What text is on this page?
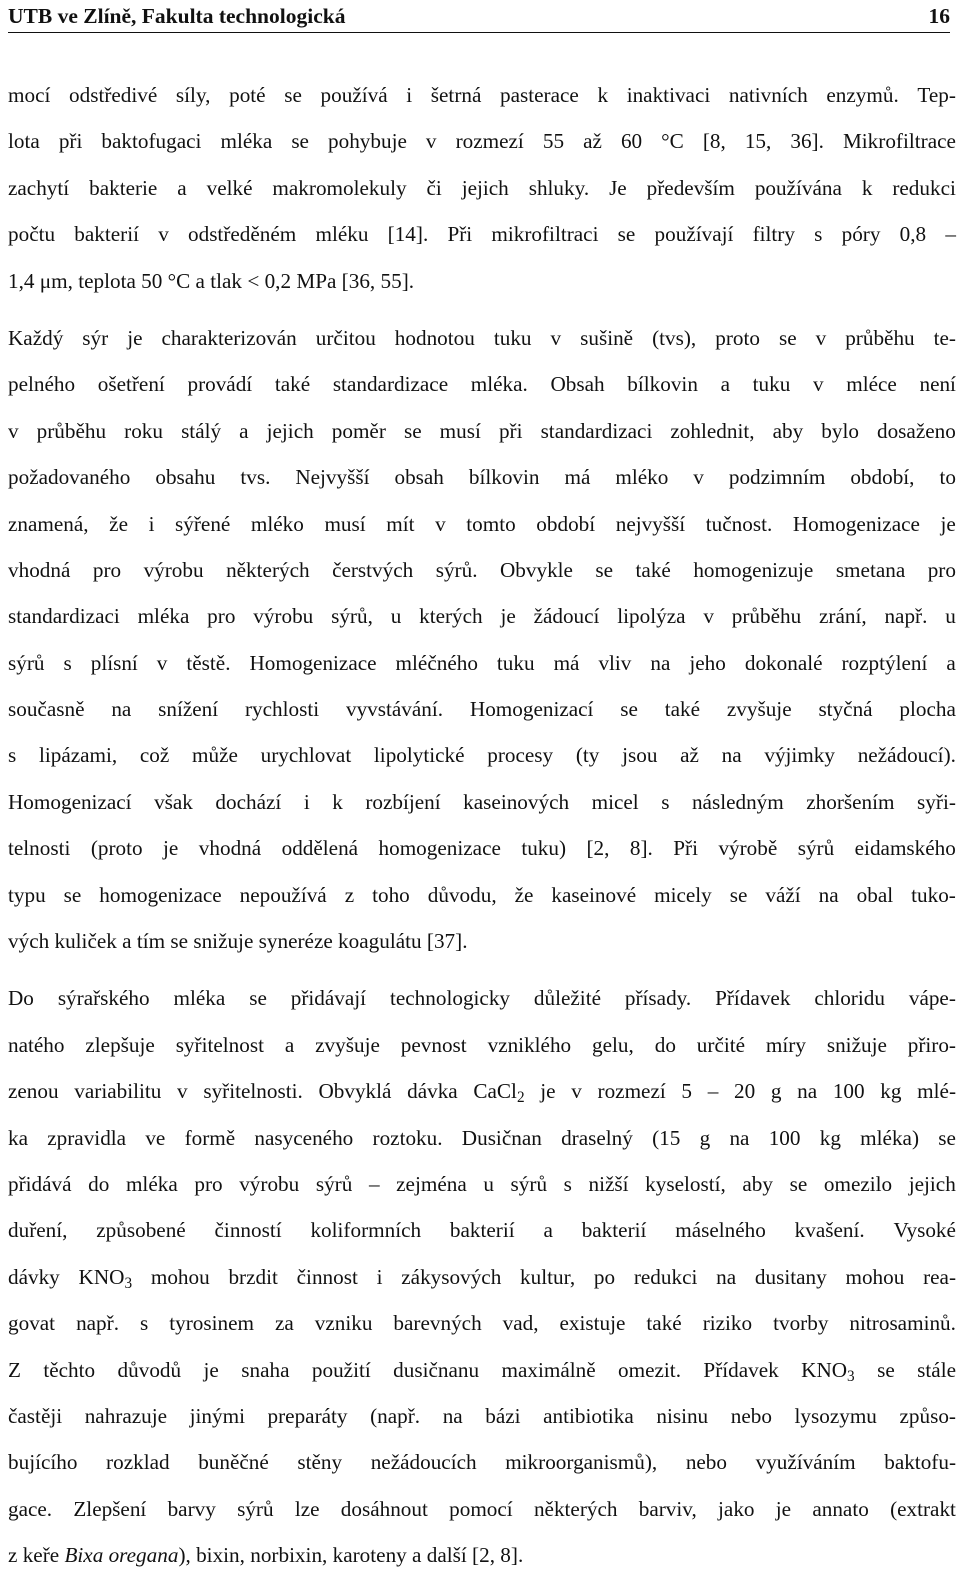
UTB ve Zlíně, Fakulta technologická	16
mocí odstředivé síly, poté se používá i šetrná pasterace k inaktivaci nativních enzymů. Tep-
lota při baktofugaci mléka se pohybuje v rozmezí 55 až 60 °C [8, 15, 36]. Mikrofiltrace
zachytí bakterie a velké makromolekuly či jejich shluky. Je především používána k redukci
počtu bakterií v odstředěném mléku [14]. Při mikrofiltraci se používají filtry s póry 0,8 –
1,4 μm, teplota 50 °C a tlak < 0,2 MPa [36, 55].
Každý sýr je charakterizován určitou hodnotou tuku v sušině (tvs), proto se v průběhu te-
pelného ošetření provádí také standardizace mléka. Obsah bílkovin a tuku v mléce není
v průběhu roku stálý a jejich poměr se musí při standardizaci zohlednit, aby bylo dosaženo
požadovaného obsahu tvs. Nejvyšší obsah bílkovin má mléko v podzimním období, to
znamená, že i sýřené mléko musí mít v tomto období nejvyšší tučnost. Homogenizace je
vhodná pro výrobu některých čerstvých sýrů. Obvykle se také homogenizuje smetana pro
standardizaci mléka pro výrobu sýrů, u kterých je žádoucí lipolýza v průběhu zrání, např. u
sýrů s plísní v těstě. Homogenizace mléčného tuku má vliv na jeho dokonalé rozptýlení a
současně na snížení rychlosti vyvstávání. Homogenizací se také zvyšuje styčná plocha
s lipázami, což může urychlovat lipolytické procesy (ty jsou až na výjimky nežádoucí).
Homogenizací však dochází i k rozbíjení kaseinových micel s následným zhoršením syři-
telnosti (proto je vhodná oddělená homogenizace tuku) [2, 8]. Při výrobě sýrů eidamského
typu se homogenizace nepoužívá z toho důvodu, že kaseinové micely se váží na obal tuko-
vých kuliček a tím se snižuje syneréze koagulátu [37].
Do sýrařského mléka se přidávají technologicky důležité přísady. Přídavek chloridu vápe-
natého zlepšuje syřitelnost a zvyšuje pevnost vzniklého gelu, do určité míry snižuje přiro-
zenou variabilitu v syřitelnosti. Obvyklá dávka CaCl$_2$ je v rozmezí 5 – 20 g na 100 kg mlé-
ka zpravidla ve formě nasyceného roztoku. Dusičnan draselný (15 g na 100 kg mléka) se
přidává do mléka pro výrobu sýrů – zejména u sýrů s nižší kyselostí, aby se omezilo jejich
duření, způsobené činností koliformních bakterií a bakterií máselného kvašení. Vysoké
dávky $KNO_3$ mohou brzdit činnost i zákysových kultur, po redukci na dusitany mohou rea-
govat např. s tyrosinem za vzniku barevných vad, existuje také riziko tvorby nitrosaminů.
Z těchto důvodů je snaha použití dusičnanu maximálně omezit. Přídavek $KNO_3$ se stále
častěji nahrazuje jinými preparáty (např. na bázi antibiotika nisinu nebo lysozymu způso-
bujícího rozklad buněčné stěny nežádoucích mikroorganismů), nebo využíváním baktofu-
gace. Zlepšení barvy sýrů lze dosáhnout pomocí některých barviv, jako je annato (extrakt
z keře Bixa oregana), bixin, norbixin, karoteny a další [2, 8].
